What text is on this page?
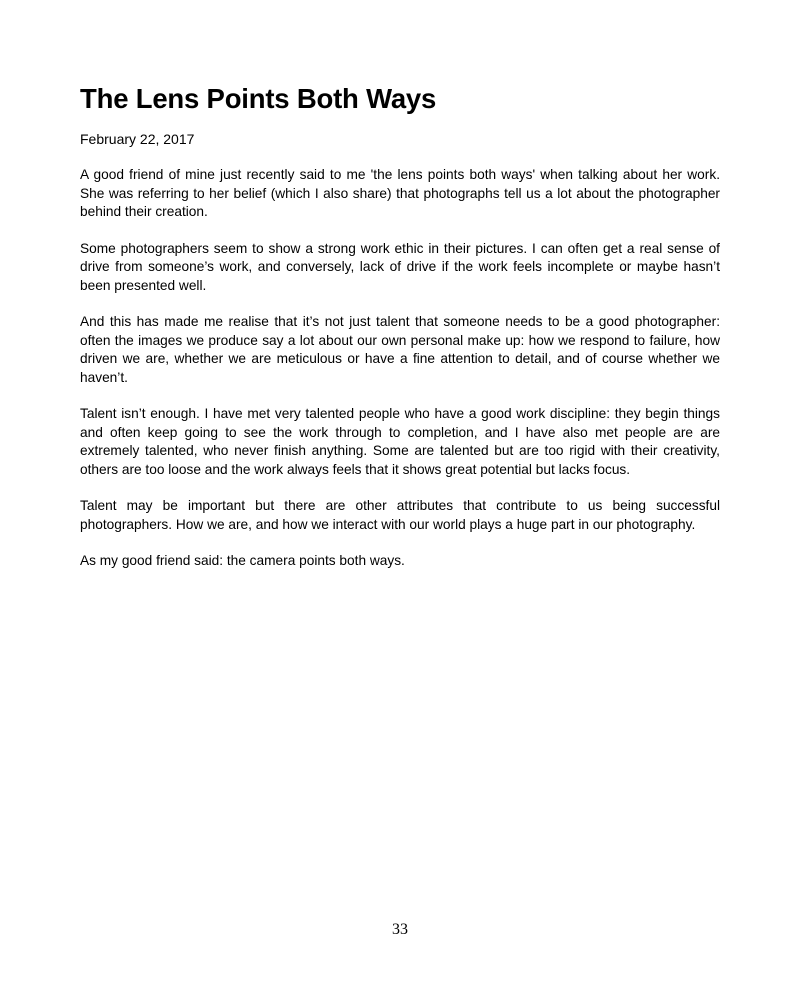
The Lens Points Both Ways

February 22, 2017

A good friend of mine just recently said to me 'the lens points both ways' when talking about her work. She was referring to her belief (which I also share) that photographs tell us a lot about the photographer behind their creation.

Some photographers seem to show a strong work ethic in their pictures. I can often get a real sense of drive from someone’s work, and conversely, lack of drive if the work feels incomplete or maybe hasn’t been presented well.

And this has made me realise that it’s not just talent that someone needs to be a good photographer: often the images we produce say a lot about our own personal make up: how we respond to failure, how driven we are, whether we are meticulous or have a fine attention to detail, and of course whether we haven’t.

Talent isn’t enough. I have met very talented people who have a good work discipline: they begin things and often keep going to see the work through to completion, and I have also met people are are extremely talented, who never finish anything. Some are talented but are too rigid with their creativity, others are too loose and the work always feels that it shows great potential but lacks focus.

Talent may be important but there are other attributes that contribute to us being successful photographers. How we are, and how we interact with our world plays a huge part in our photography.

As my good friend said: the camera points both ways.

33
